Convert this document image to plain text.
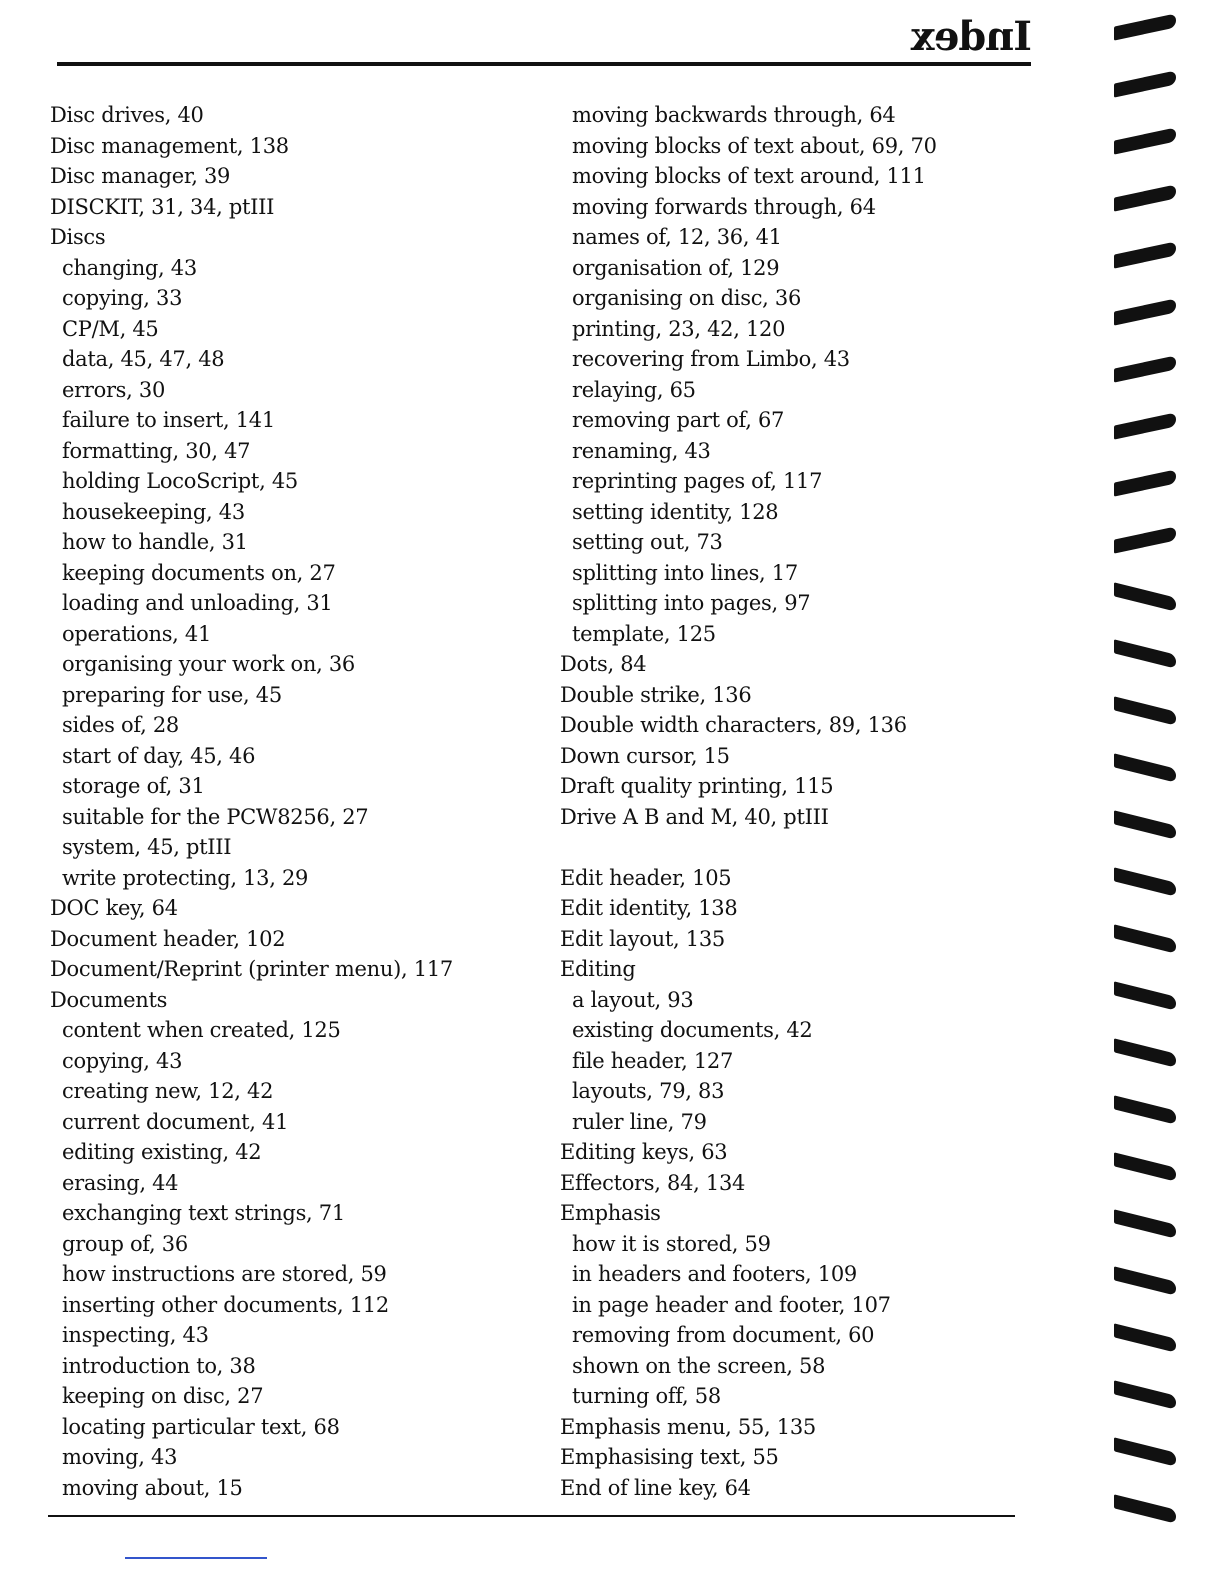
Index
Disc drives, 40
Disc management, 138
Disc manager, 39
DISCKIT, 31, 34, ptIII
Discs
changing, 43
copying, 33
CP/M, 45
data, 45, 47, 48
errors, 30
failure to insert, 141
formatting, 30, 47
holding LocoScript, 45
housekeeping, 43
how to handle, 31
keeping documents on, 27
loading and unloading, 31
operations, 41
organising your work on, 36
preparing for use, 45
sides of, 28
start of day, 45, 46
storage of, 31
suitable for the PCW8256, 27
system, 45, ptIII
write protecting, 13, 29
DOC key, 64
Document header, 102
Document/Reprint (printer menu), 117
Documents
content when created, 125
copying, 43
creating new, 12, 42
current document, 41
editing existing, 42
erasing, 44
exchanging text strings, 71
group of, 36
how instructions are stored, 59
inserting other documents, 112
inspecting, 43
introduction to, 38
keeping on disc, 27
locating particular text, 68
moving, 43
moving about, 15
moving backwards through, 64
moving blocks of text about, 69, 70
moving blocks of text around, 111
moving forwards through, 64
names of, 12, 36, 41
organisation of, 129
organising on disc, 36
printing, 23, 42, 120
recovering from Limbo, 43
relaying, 65
removing part of, 67
renaming, 43
reprinting pages of, 117
setting identity, 128
setting out, 73
splitting into lines, 17
splitting into pages, 97
template, 125
Dots, 84
Double strike, 136
Double width characters, 89, 136
Down cursor, 15
Draft quality printing, 115
Drive A B and M, 40, ptIII
Edit header, 105
Edit identity, 138
Edit layout, 135
Editing
a layout, 93
existing documents, 42
file header, 127
layouts, 79, 83
ruler line, 79
Editing keys, 63
Effectors, 84, 134
Emphasis
how it is stored, 59
in headers and footers, 109
in page header and footer, 107
removing from document, 60
shown on the screen, 58
turning off, 58
Emphasis menu, 55, 135
Emphasising text, 55
End of line key, 64
